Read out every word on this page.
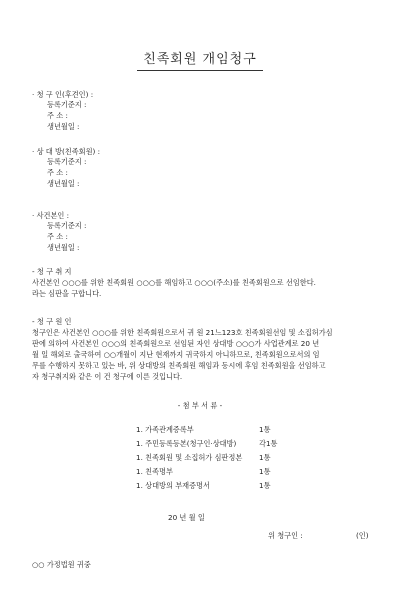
친족회원 개임청구
· 청 구 인(후견인) :
등록기준지 :
주 소 :
생년월일 :
· 상 대 방(친족회원) :
등록기준지 :
주 소 :
생년월일 :
· 사건본인 :
등록기준지 :
주 소 :
생년월일 :
- 청 구 취 지
사건본인 ○○○를 위한 친족회원 ○○○를 해임하고 ○○○(주소)를 친족회원으로 선임한다.
라는 심판을 구합니다.
- 청 구 원 인
청구인은 사건본인 ○○○를 위한 친족회원으로서 귀 원 21느123호 친족회원선임 및 소집허가심
판에 의하여 사건본인 ○○○의 친족회원으로 선임된 자인 상대방 ○○○가 사업관계로 20 년
월 일 해외로 출국하여 ○○개월이 지난 현재까지 귀국하지 아니하므로, 친족회원으로서의 임
무를 수행하지 못하고 있는 바, 위 상대방의 친족회원 해임과 동시에 후임 친족회원을 선임하고
자 청구취지와 같은 이 건 청구에 이른 것입니다.
- 첨 부 서 류 -
1. 가족관계증록부	1통
1. 주민등록등본(청구인·상대방)	각1통
1. 친족회원 및 소집허가 심판정본 1통
1. 친족명부	1통
1. 상대방의 부재증명서	1통
20 년 월 일
위 청구인 :	(인)
○○ 가정법원 귀중
